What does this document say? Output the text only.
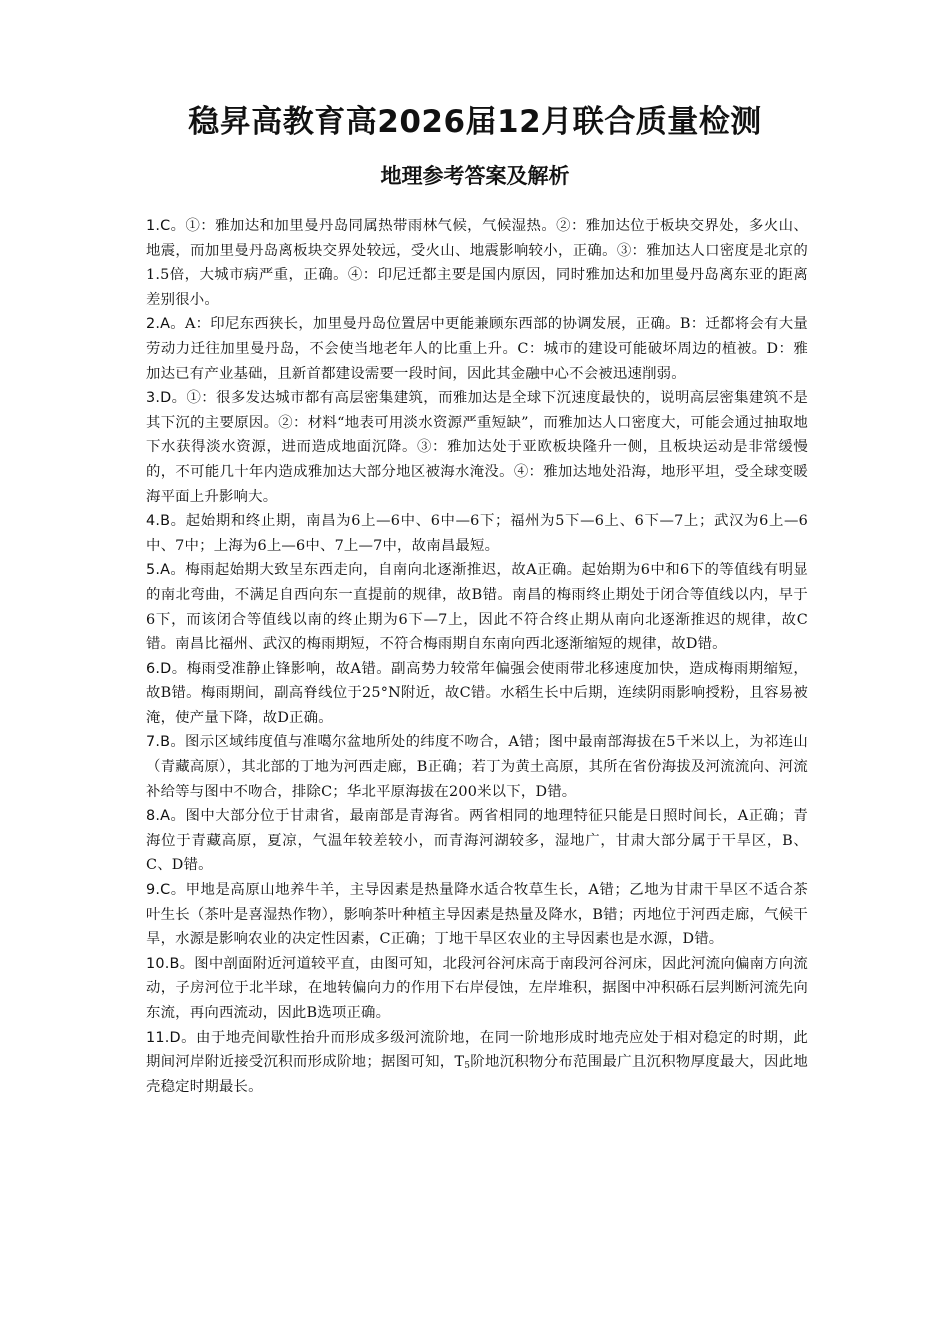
稳昇高教育高2026届12月联合质量检测
地理参考答案及解析

1.C。①：雅加达和加里曼丹岛同属热带雨林气候，气候湿热。②：雅加达位于板块交界处，多火山、地震，而加里曼丹岛离板块交界处较远，受火山、地震影响较小，正确。③：雅加达人口密度是北京的1.5倍，大城市病严重，正确。④：印尼迁都主要是国内原因，同时雅加达和加里曼丹岛离东亚的距离差别很小。

2.A。A：印尼东西狭长，加里曼丹岛位置居中更能兼顾东西部的协调发展，正确。B：迁都将会有大量劳动力迁往加里曼丹岛，不会使当地老年人的比重上升。C：城市的建设可能破坏周边的植被。D：雅加达已有产业基础，且新首都建设需要一段时间，因此其金融中心不会被迅速削弱。

3.D。①：很多发达城市都有高层密集建筑，而雅加达是全球下沉速度最快的，说明高层密集建筑不是其下沉的主要原因。②：材料“地表可用淡水资源严重短缺”，而雅加达人口密度大，可能会通过抽取地下水获得淡水资源，进而造成地面沉降。③：雅加达处于亚欧板块隆升一侧，且板块运动是非常缓慢的，不可能几十年内造成雅加达大部分地区被海水淹没。④：雅加达地处沿海，地形平坦，受全球变暖海平面上升影响大。

4.B。起始期和终止期，南昌为6上—6中、6中—6下；福州为5下—6上、6下—7上；武汉为6上—6中、7中；上海为6上—6中、7上—7中，故南昌最短。

5.A。梅雨起始期大致呈东西走向，自南向北逐渐推迟，故A正确。起始期为6中和6下的等值线有明显的南北弯曲，不满足自西向东一直提前的规律，故B错。南昌的梅雨终止期处于闭合等值线以内，早于6下，而该闭合等值线以南的终止期为6下—7上，因此不符合终止期从南向北逐渐推迟的规律，故C错。南昌比福州、武汉的梅雨期短，不符合梅雨期自东南向西北逐渐缩短的规律，故D错。

6.D。梅雨受准静止锋影响，故A错。副高势力较常年偏强会使雨带北移速度加快，造成梅雨期缩短，故B错。梅雨期间，副高脊线位于25°N附近，故C错。水稻生长中后期，连续阴雨影响授粉，且容易被淹，使产量下降，故D正确。

7.B。图示区域纬度值与准噶尔盆地所处的纬度不吻合，A错；图中最南部海拔在5千米以上，为祁连山（青藏高原），其北部的丁地为河西走廊，B正确；若丁为黄土高原，其所在省份海拔及河流流向、河流补给等与图中不吻合，排除C；华北平原海拔在200米以下，D错。

8.A。图中大部分位于甘肃省，最南部是青海省。两省相同的地理特征只能是日照时间长，A正确；青海位于青藏高原，夏凉，气温年较差较小，而青海河湖较多，湿地广，甘肃大部分属于干旱区，B、C、D错。

9.C。甲地是高原山地养牛羊，主导因素是热量降水适合牧草生长，A错；乙地为甘肃干旱区不适合茶叶生长（茶叶是喜湿热作物），影响茶叶种植主导因素是热量及降水，B错；丙地位于河西走廊，气候干旱，水源是影响农业的决定性因素，C正确；丁地干旱区农业的主导因素也是水源，D错。

10.B。图中剖面附近河道较平直，由图可知，北段河谷河床高于南段河谷河床，因此河流向偏南方向流动，子房河位于北半球，在地转偏向力的作用下右岸侵蚀，左岸堆积，据图中冲积砾石层判断河流先向东流，再向西流动，因此B选项正确。

11.D。由于地壳间歇性抬升而形成多级河流阶地，在同一阶地形成时地壳应处于相对稳定的时期，此期间河岸附近接受沉积而形成阶地；据图可知，$T_5$阶地沉积物分布范围最广且沉积物厚度最大，因此地壳稳定时期最长。
